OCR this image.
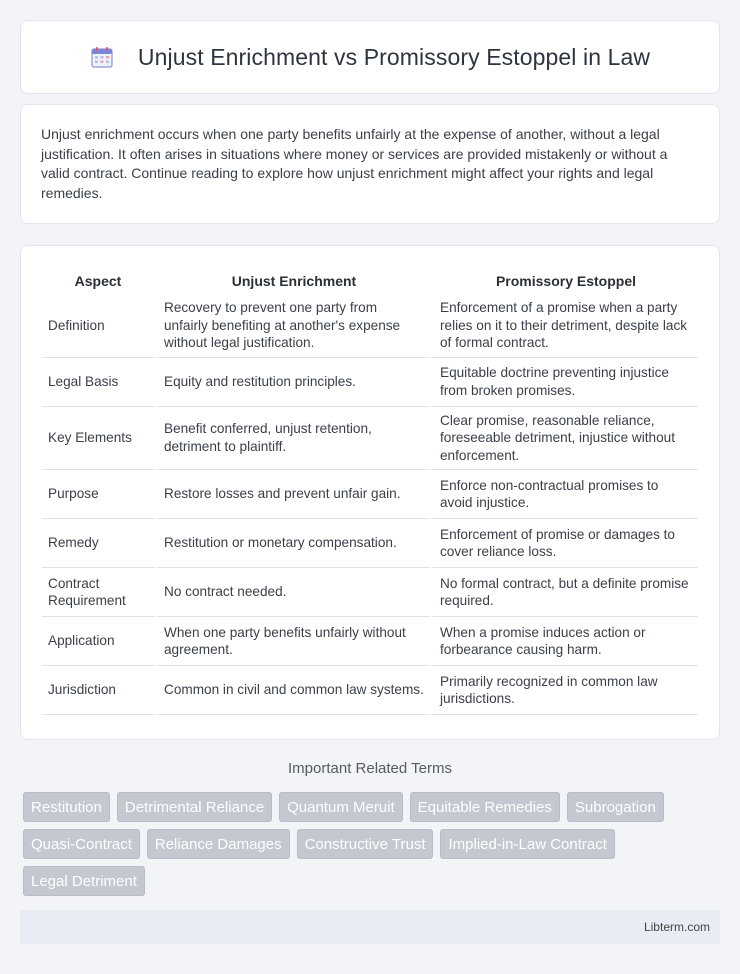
Unjust Enrichment vs Promissory Estoppel in Law

Unjust enrichment occurs when one party benefits unfairly at the expense of another, without a legal justification. It often arises in situations where money or services are provided mistakenly or without a valid contract. Continue reading to explore how unjust enrichment might affect your rights and legal remedies.

Aspect	Unjust Enrichment	Promissory Estoppel
Definition	Recovery to prevent one party from unfairly benefiting at another's expense without legal justification.	Enforcement of a promise when a party relies on it to their detriment, despite lack of formal contract.
Legal Basis	Equity and restitution principles.	Equitable doctrine preventing injustice from broken promises.
Key Elements	Benefit conferred, unjust retention, detriment to plaintiff.	Clear promise, reasonable reliance, foreseeable detriment, injustice without enforcement.
Purpose	Restore losses and prevent unfair gain.	Enforce non-contractual promises to avoid injustice.
Remedy	Restitution or monetary compensation.	Enforcement of promise or damages to cover reliance loss.
Contract Requirement	No contract needed.	No formal contract, but a definite promise required.
Application	When one party benefits unfairly without agreement.	When a promise induces action or forbearance causing harm.
Jurisdiction	Common in civil and common law systems.	Primarily recognized in common law jurisdictions.
Important Related Terms
Restitution	Detrimental Reliance	Quantum Meruit	Equitable Remedies	Subrogation
Quasi-Contract	Reliance Damages	Constructive Trust	Implied-in-Law Contract
Legal Detriment
Libterm.com
